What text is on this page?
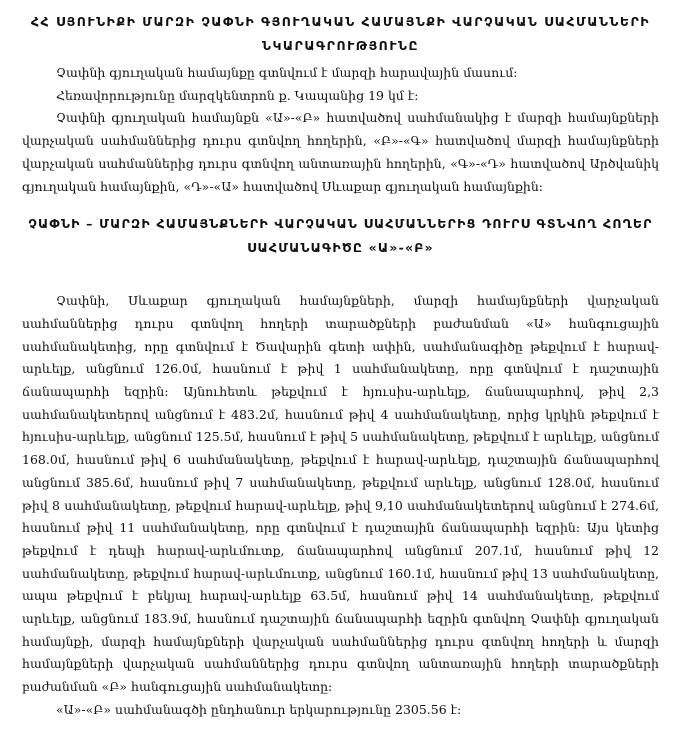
ՀՀ ՍՅՈՒՆԻՔԻ ՄԱՐԶԻ ՉԱՓՆԻ ԳՅՈՒՂԱԿԱՆ ՀԱՄԱՅՆՔԻ ՎԱՐՉԱԿԱՆ ՍԱՀՄԱՆՆԵՐԻ
ՆԿԱՐԱԳՐՈՒԹՅՈՒՆԸ

Չափնի գյուղական համայնքը գտնվում է մարզի հարավային մասում:

Հեռավորությունը մարզկենտրոն ք. Կապանից 19 կմ է:

Չափնի գյուղական համայնքն «Ա»-«Բ» հատվածով սահմանակից է մարզի համայնքների վարչական սահմաններից դուրս գտնվող հողերին, «Բ»-«Գ» հատվածով մարզի համայնքների վարչական սահմաններից դուրս գտնվող անտառային հողերին, «Գ»-«Դ» հատվածով Արծվանիկ գյուղական համայնքին, «Դ»-«Ա» հատվածով Սևաքար գյուղական համայնքին:

ՉԱՓՆԻ – ՄԱՐԶԻ ՀԱՄԱՅՆՔՆԵՐԻ ՎԱՐՉԱԿԱՆ ՍԱՀՄԱՆՆԵՐԻՑ ԴՈՒՐՍ ԳՏՆՎՈՂ ՀՈՂԵՐ
ՍԱՀՄԱՆԱԳԻԾԸ «Ա»-«Բ»

Չափնի, Սևաքար գյուղական համայնքների, մարզի համայնքների վարչական սահմաններից դուրս գտնվող հողերի տարածքների բաժանման «Ա» հանգուցային սահմանակետից, որը գտնվում է Ծավարին գետի ափին, սահմանագիծը թեքվում է հարավ-արևելք, անցնում 126.0մ, հասնում է թիվ 1 սահմանակետը, որը գտնվում է դաշտային ճանապարհի եզրին: Այնուհետև թեքվում է հյուսիս-արևելք, ճանապարհով, թիվ 2,3 սահմանակետերով անցնում է 483.2մ, հասնում թիվ 4 սահմանակետը, որից կրկին թեքվում է հյուսիս-արևելք, անցնում 125.5մ, հասնում է թիվ 5 սահմանակետը, թեքվում է արևելք, անցնում 168.0մ, հասնում թիվ 6 սահմանակետը, թեքվում է հարավ-արևելք, դաշտային ճանապարհով անցնում 385.6մ, հասնում թիվ 7 սահմանակետը, թեքվում արևելք, անցնում 128.0մ, հասնում թիվ 8 սահմանակետը, թեքվում հարավ-արևելք, թիվ 9,10 սահմանակետերով անցնում է 274.6մ, հասնում թիվ 11 սահմանակետը, որը գտնվում է դաշտային ճանապարհի եզրին: Այս կետից թեքվում է դեպի հարավ-արևմուտք, ճանապարհով անցնում 207.1մ, հասնում թիվ 12 սահմանակետը, թեքվում հարավ-արևմուտք, անցնում 160.1մ, հասնում թիվ 13 սահմանակետը, ապա թեքվում է բեկյալ հարավ-արևելք 63.5մ, հասնում թիվ 14 սահմանակետը, թեքվում արևելք, անցնում 183.9մ, հասնում դաշտային ճանապարհի եզրին գտնվող Չափնի գյուղական համայնքի, մարզի համայնքների վարչական սահմաններից դուրս գտնվող հողերի և մարզի համայնքների վարչական սահմաններից դուրս գտնվող անտառային հողերի տարածքների բաժանման «Բ» հանգուցային սահմանակետը:

«Ա»-«Բ» սահմանագծի ընդհանուր երկարությունը 2305.56 է:
